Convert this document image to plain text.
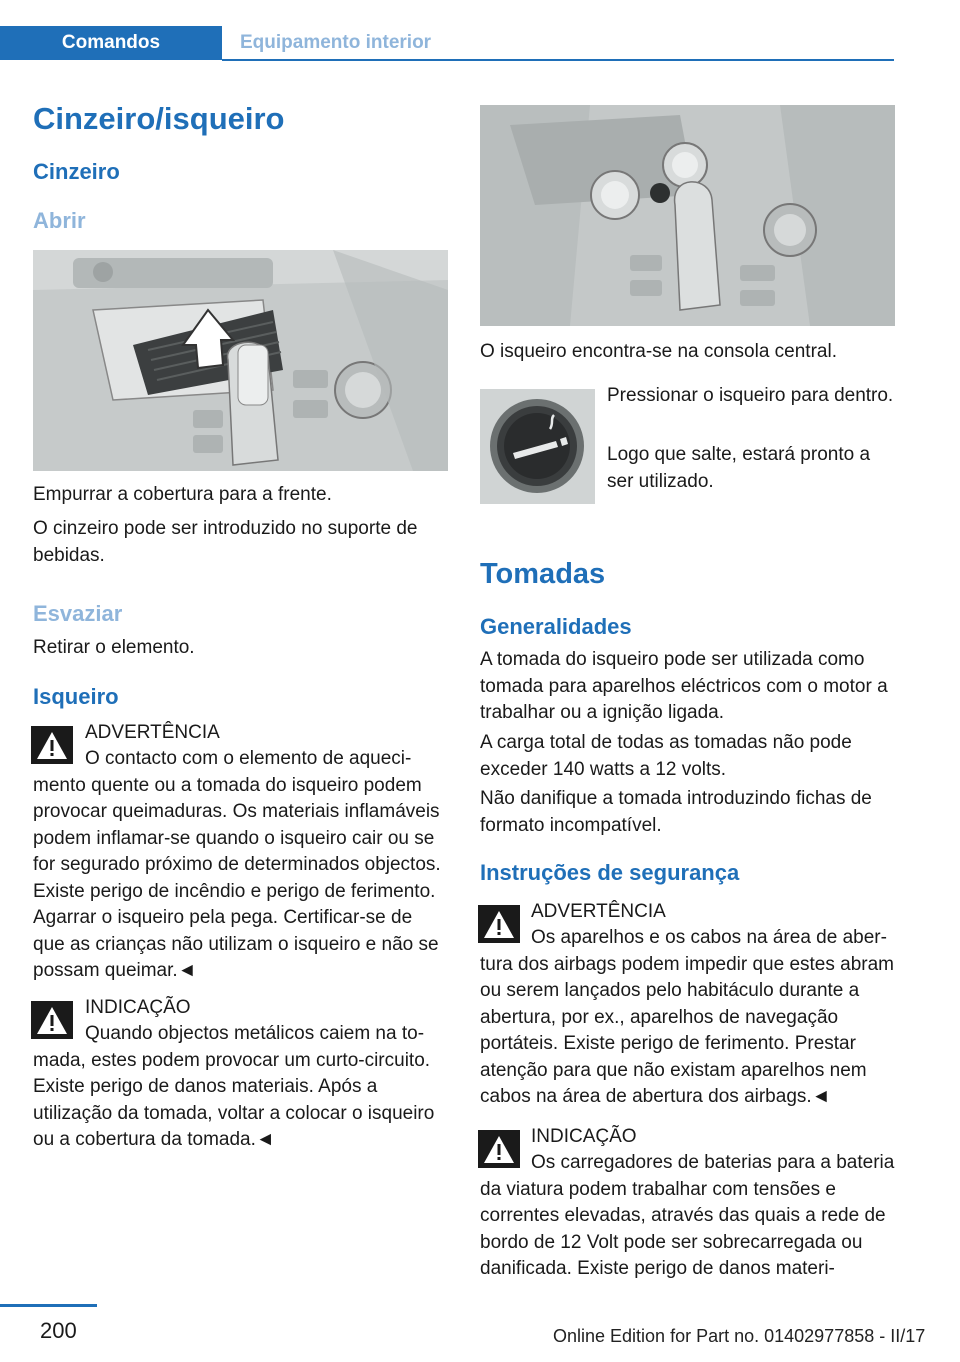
Comandos	Equipamento interior
Cinzeiro/isqueiro
Cinzeiro
Abrir
Empurrar a cobertura para a frente.
O cinzeiro pode ser introduzido no suporte de bebidas.
Esvaziar
Retirar o elemento.
Isqueiro
ADVERTÊNCIA
O contacto com o elemento de aquecimento quente ou a tomada do isqueiro podem provocar queimaduras. Os materiais inflamáveis podem inflamar-se quando o isqueiro cair ou se for segurado próximo de determinados objectos. Existe perigo de incêndio e perigo de ferimento. Agarrar o isqueiro pela pega. Certificar-se de que as crianças não utilizam o isqueiro e não se possam queimar.◄
INDICAÇÃO
Quando objectos metálicos caiem na tomada, estes podem provocar um curto-circuito. Existe perigo de danos materiais. Após a utilização da tomada, voltar a colocar o isqueiro ou a cobertura da tomada.◄
O isqueiro encontra-se na consola central.
Pressionar o isqueiro para dentro.
Logo que salte, estará pronto a ser utilizado.
Tomadas
Generalidades
A tomada do isqueiro pode ser utilizada como tomada para aparelhos eléctricos com o motor a trabalhar ou a ignição ligada.
A carga total de todas as tomadas não pode exceder 140 watts a 12 volts.
Não danifique a tomada introduzindo fichas de formato incompatível.
Instruções de segurança
ADVERTÊNCIA
Os aparelhos e os cabos na área de abertura dos airbags podem impedir que estes abram ou serem lançados pelo habitáculo durante a abertura, por ex., aparelhos de navegação portáteis. Existe perigo de ferimento. Prestar atenção para que não existam aparelhos nem cabos na área de abertura dos airbags.◄
INDICAÇÃO
Os carregadores de baterias para a bateria da viatura podem trabalhar com tensões e correntes elevadas, através das quais a rede de bordo de 12 Volt pode ser sobrecarregada ou danificada. Existe perigo de danos materi-
200	Online Edition for Part no. 01402977858 - II/17
